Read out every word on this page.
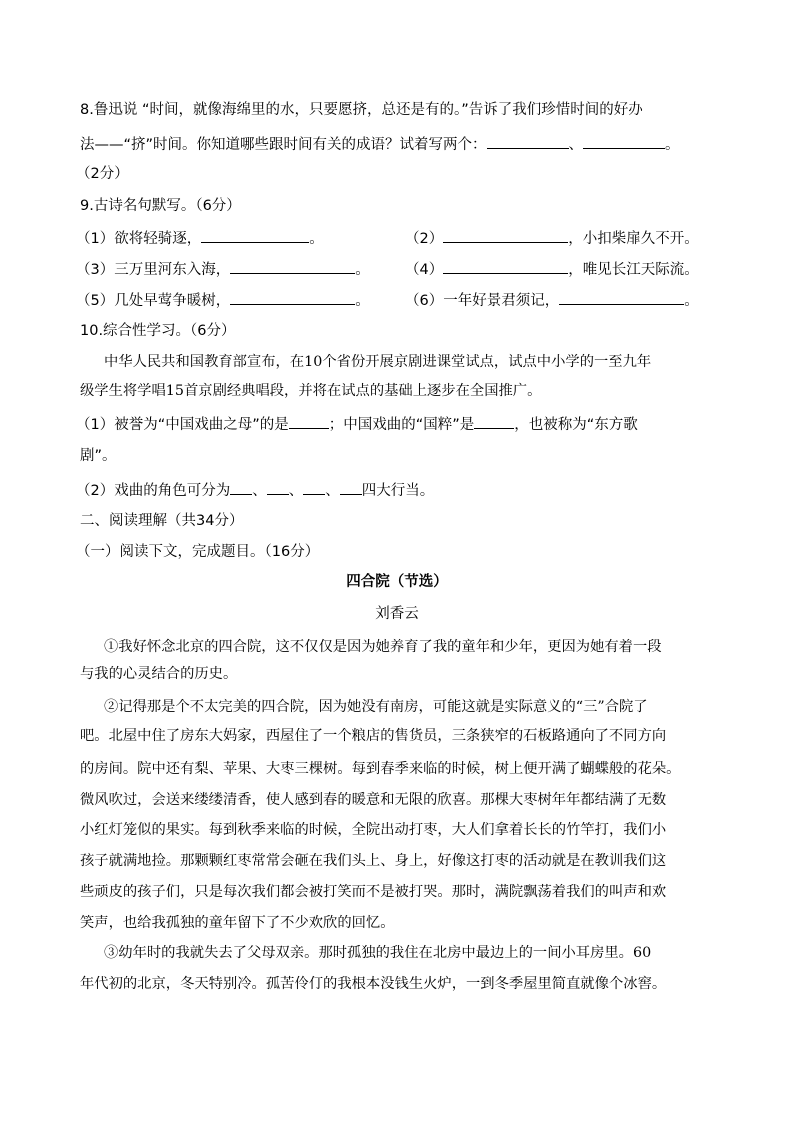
8.鲁迅说 “时间，就像海绵里的水，只要愿挤，总还是有的。”告诉了我们珍惜时间的好办
法——“挤”时间。你知道哪些跟时间有关的成语？试着写两个：	、	。
（2分）
9.古诗名句默写。（6分）
（1）欲将轻骑逐，	。	（2）	，小扣柴扉久不开。
（3）三万里河东入海，	。 （4）	，唯见长江天际流。
（5）几处早莺争暖树，	。 （6）一年好景君须记，	。
10.综合性学习。（6分）
中华人民共和国教育部宣布，在10个省份开展京剧进课堂试点，试点中小学的一至九年
级学生将学唱15首京剧经典唱段，并将在试点的基础上逐步在全国推广。
（1）被誉为“中国戏曲之母”的是	；中国戏曲的“国粹”是	，也被称为“东方歌
剧”。
（2）戏曲的角色可分为 、 、 、 四大行当。
二、阅读理解（共34分）
（一）阅读下文，完成题目。（16分）
四合院（节选）
刘香云
①我好怀念北京的四合院，这不仅仅是因为她养育了我的童年和少年，更因为她有着一段
与我的心灵结合的历史。
②记得那是个不太完美的四合院，因为她没有南房，可能这就是实际意义的“三”合院了
吧。北屋中住了房东大妈家，西屋住了一个粮店的售货员，三条狭窄的石板路通向了不同方向
的房间。院中还有梨、苹果、大枣三棵树。每到春季来临的时候，树上便开满了蝴蝶般的花朵。
微风吹过，会送来缕缕清香，使人感到春的暖意和无限的欣喜。那棵大枣树年年都结满了无数
小红灯笼似的果实。每到秋季来临的时候，全院出动打枣，大人们拿着长长的竹竿打，我们小
孩子就满地捡。那颗颗红枣常常会砸在我们头上、身上，好像这打枣的活动就是在教训我们这
些顽皮的孩子们，只是每次我们都会被打笑而不是被打哭。那时，满院飘荡着我们的叫声和欢
笑声，也给我孤独的童年留下了不少欢欣的回忆。
③幼年时的我就失去了父母双亲。那时孤独的我住在北房中最边上的一间小耳房里。60
年代初的北京，冬天特别冷。孤苦伶仃的我根本没钱生火炉，一到冬季屋里简直就像个冰窖。
